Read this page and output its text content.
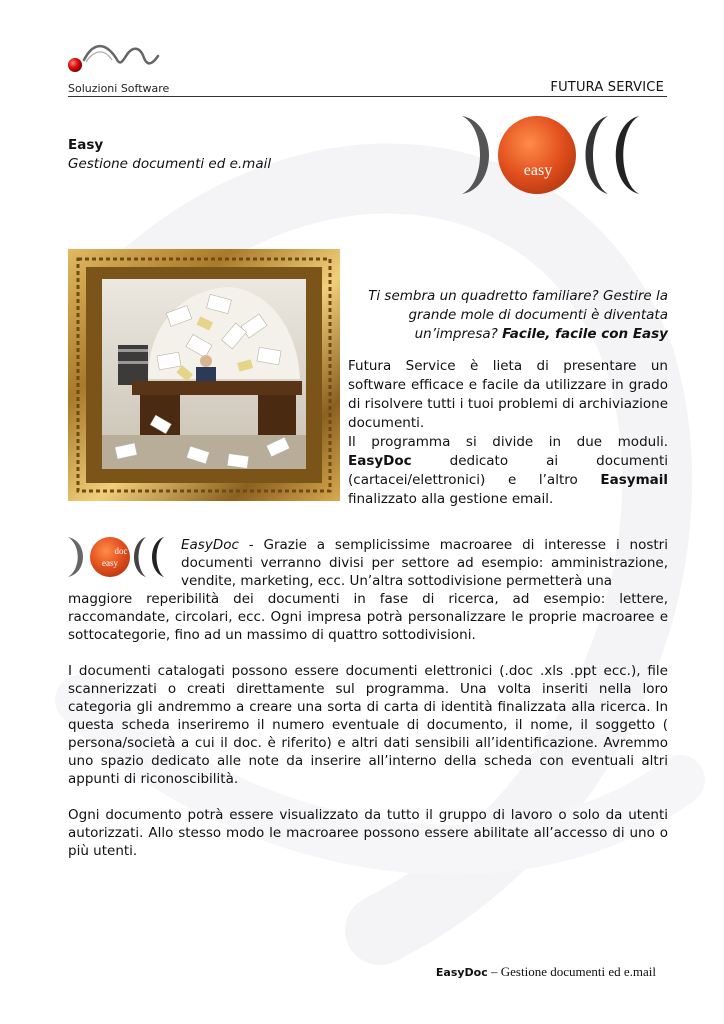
Soluzioni Software	FUTURA SERVICE
Easy
Gestione documenti ed e.mail	easy
Ti sembra un quadretto familiare? Gestire la grande mole di documenti è diventata un’impresa? Facile, facile con Easy

Futura Service è lieta di presentare un software efficace e facile da utilizzare in grado di risolvere tutti i tuoi problemi di archiviazione documenti.

Il programma si divide in due moduli. EasyDoc	dedicato ai documenti (cartacei/elettronici) e l’altro Easymail finalizzato alla gestione email.

doc
easy
EasyDoc - Grazie a semplicissime macroaree di interesse i nostri documenti verranno divisi per settore ad esempio: amministrazione, vendite, marketing, ecc. Un’altra sottodivisione permetterà una

maggiore reperibilità dei documenti in fase di ricerca, ad esempio: lettere, raccomandate, circolari, ecc. Ogni impresa potrà personalizzare le proprie macroaree e sottocategorie, fino ad un massimo di quattro sottodivisioni.

I documenti catalogati possono essere documenti elettronici (.doc .xls .ppt ecc.), file scannerizzati o creati direttamente sul programma. Una volta inseriti nella loro categoria gli andremmo a creare una sorta di carta di identità finalizzata alla ricerca. In questa scheda inseriremo il numero eventuale di documento, il nome, il soggetto ( persona/società a cui il doc. è riferito) e altri dati sensibili all’identificazione. Avremmo uno spazio dedicato alle note da inserire all’interno della scheda con eventuali altri appunti di riconoscibilità.

Ogni documento potrà essere visualizzato da tutto il gruppo di lavoro o solo da utenti autorizzati. Allo stesso modo le macroaree possono essere abilitate all’accesso di uno o più utenti.

EasyDoc – Gestione documenti ed e.mail
